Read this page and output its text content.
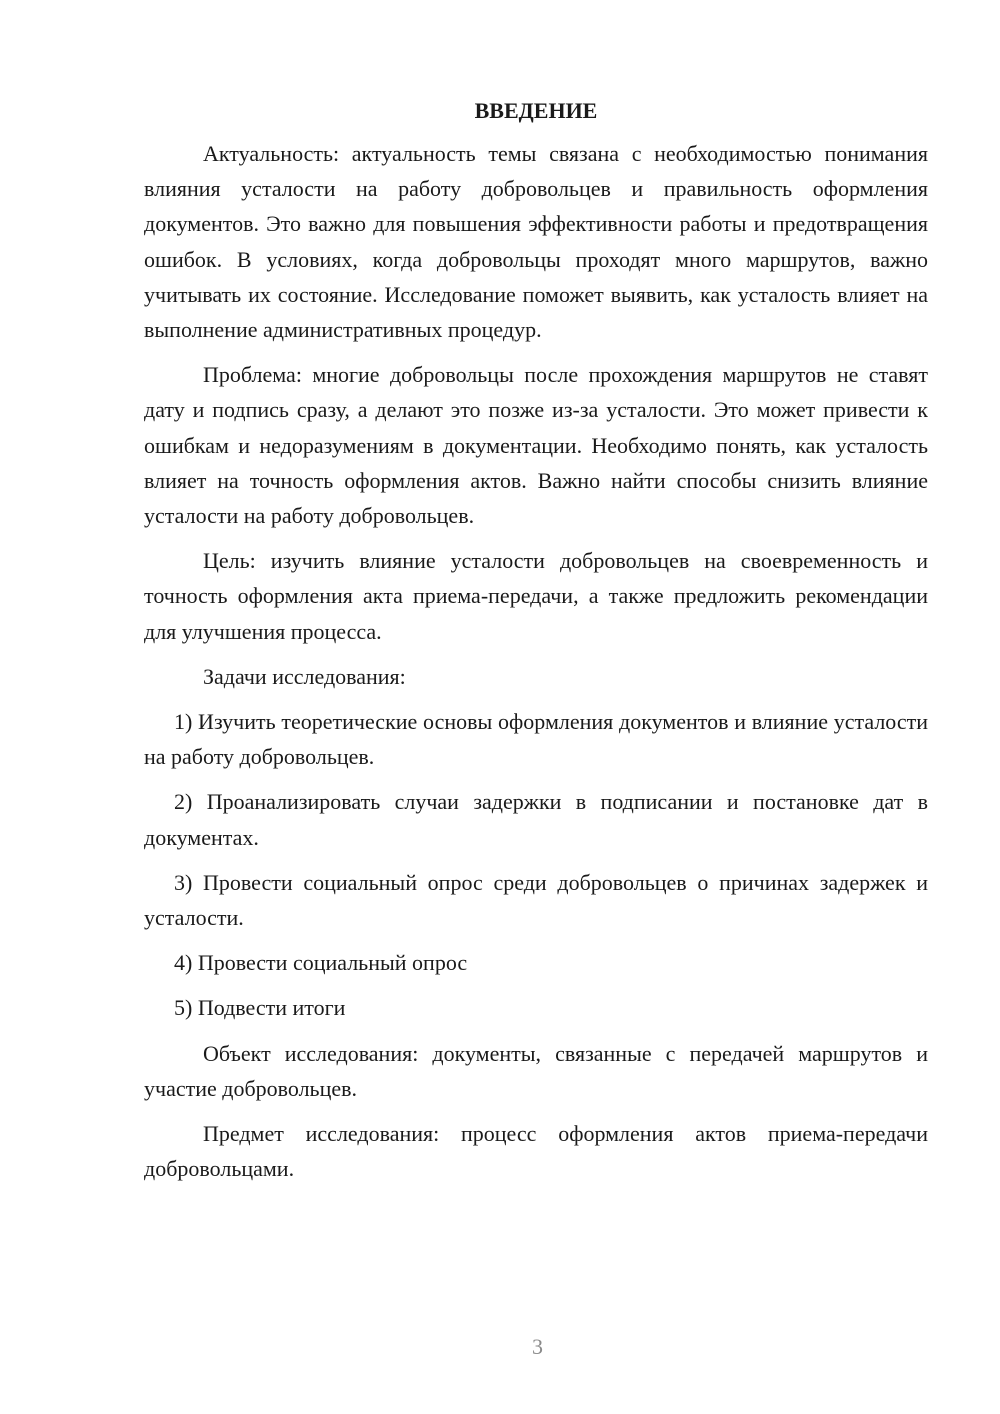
ВВЕДЕНИЕ

Актуальность: актуальность темы связана с необходимостью понимания влияния усталости на работу добровольцев и правильность оформления документов. Это важно для повышения эффективности работы и предотвращения ошибок. В условиях, когда добровольцы проходят много маршрутов, важно учитывать их состояние. Исследование поможет выявить, как усталость влияет на выполнение административных процедур.

Проблема: многие добровольцы после прохождения маршрутов не ставят дату и подпись сразу, а делают это позже из-за усталости. Это может привести к ошибкам и недоразумениям в документации. Необходимо понять, как усталость влияет на точность оформления актов. Важно найти способы снизить влияние усталости на работу добровольцев.

Цель: изучить влияние усталости добровольцев на своевременность и точность оформления акта приема-передачи, а также предложить рекомендации для улучшения процесса.

Задачи исследования:

1) Изучить теоретические основы оформления документов и влияние усталости на работу добровольцев.

2) Проанализировать случаи задержки в подписании и постановке дат в документах.

3) Провести социальный опрос среди добровольцев о причинах задержек и усталости.

4) Провести социальный опрос

5) Подвести итоги

Объект исследования: документы, связанные с передачей маршрутов и участие добровольцев.

Предмет исследования: процесс оформления актов приема-передачи добровольцами.

3
